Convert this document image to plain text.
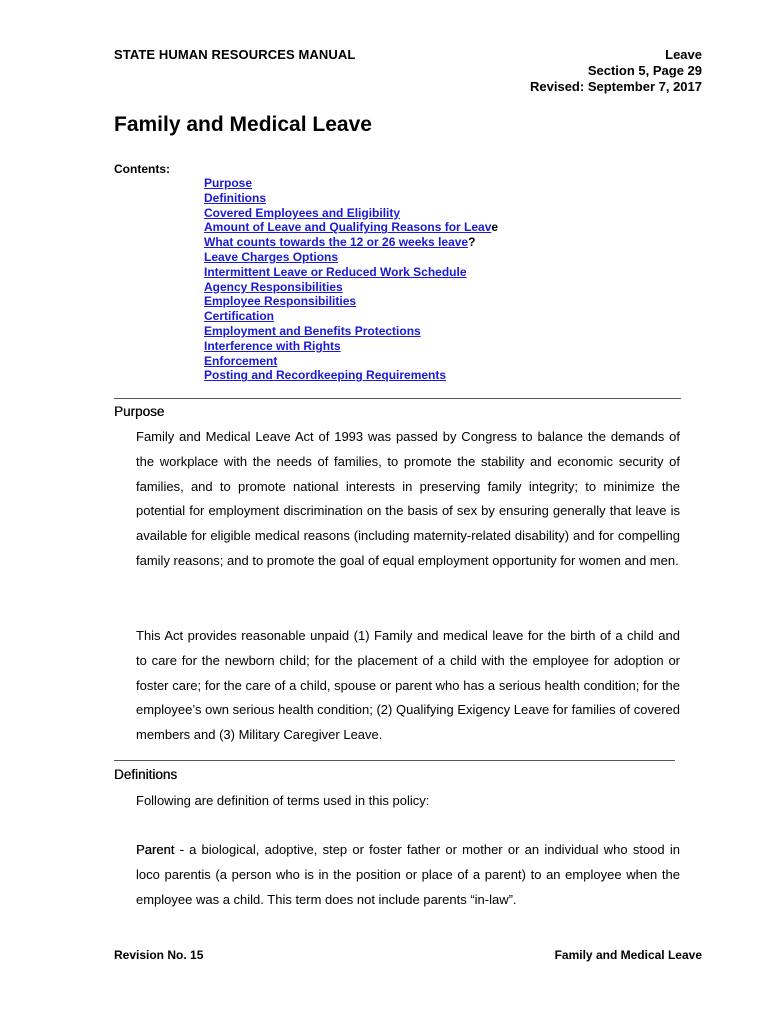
STATE HUMAN RESOURCES MANUAL	Leave
Section 5, Page 29
Revised: September 7, 2017
Family and Medical Leave
Contents:
Purpose
Definitions
Covered Employees and Eligibility
Amount of Leave and Qualifying Reasons for Leave
What counts towards the 12 or 26 weeks leave?
Leave Charges Options
Intermittent Leave or Reduced Work Schedule
Agency Responsibilities
Employee Responsibilities
Certification
Employment and Benefits Protections
Interference with Rights
Enforcement
Posting and Recordkeeping Requirements
Purpose

Family and Medical Leave Act of 1993 was passed by Congress to balance the demands of the workplace with the needs of families, to promote the stability and economic security of families, and to promote national interests in preserving family integrity; to minimize the potential for employment discrimination on the basis of sex by ensuring generally that leave is available for eligible medical reasons (including maternity-related disability) and for compelling family reasons; and to promote the goal of equal employment opportunity for women and men.

This Act provides reasonable unpaid (1) Family and medical leave for the birth of a child and to care for the newborn child; for the placement of a child with the employee for adoption or foster care; for the care of a child, spouse or parent who has a serious health condition; for the employee’s own serious health condition; (2) Qualifying Exigency Leave for families of covered members and (3) Military Caregiver Leave.

Definitions

Following are definition of terms used in this policy:

Parent - a biological, adoptive, step or foster father or mother or an individual who stood in loco parentis (a person who is in the position or place of a parent) to an employee when the employee was a child. This term does not include parents “in-law”.

Revision No. 15	Family and Medical Leave
